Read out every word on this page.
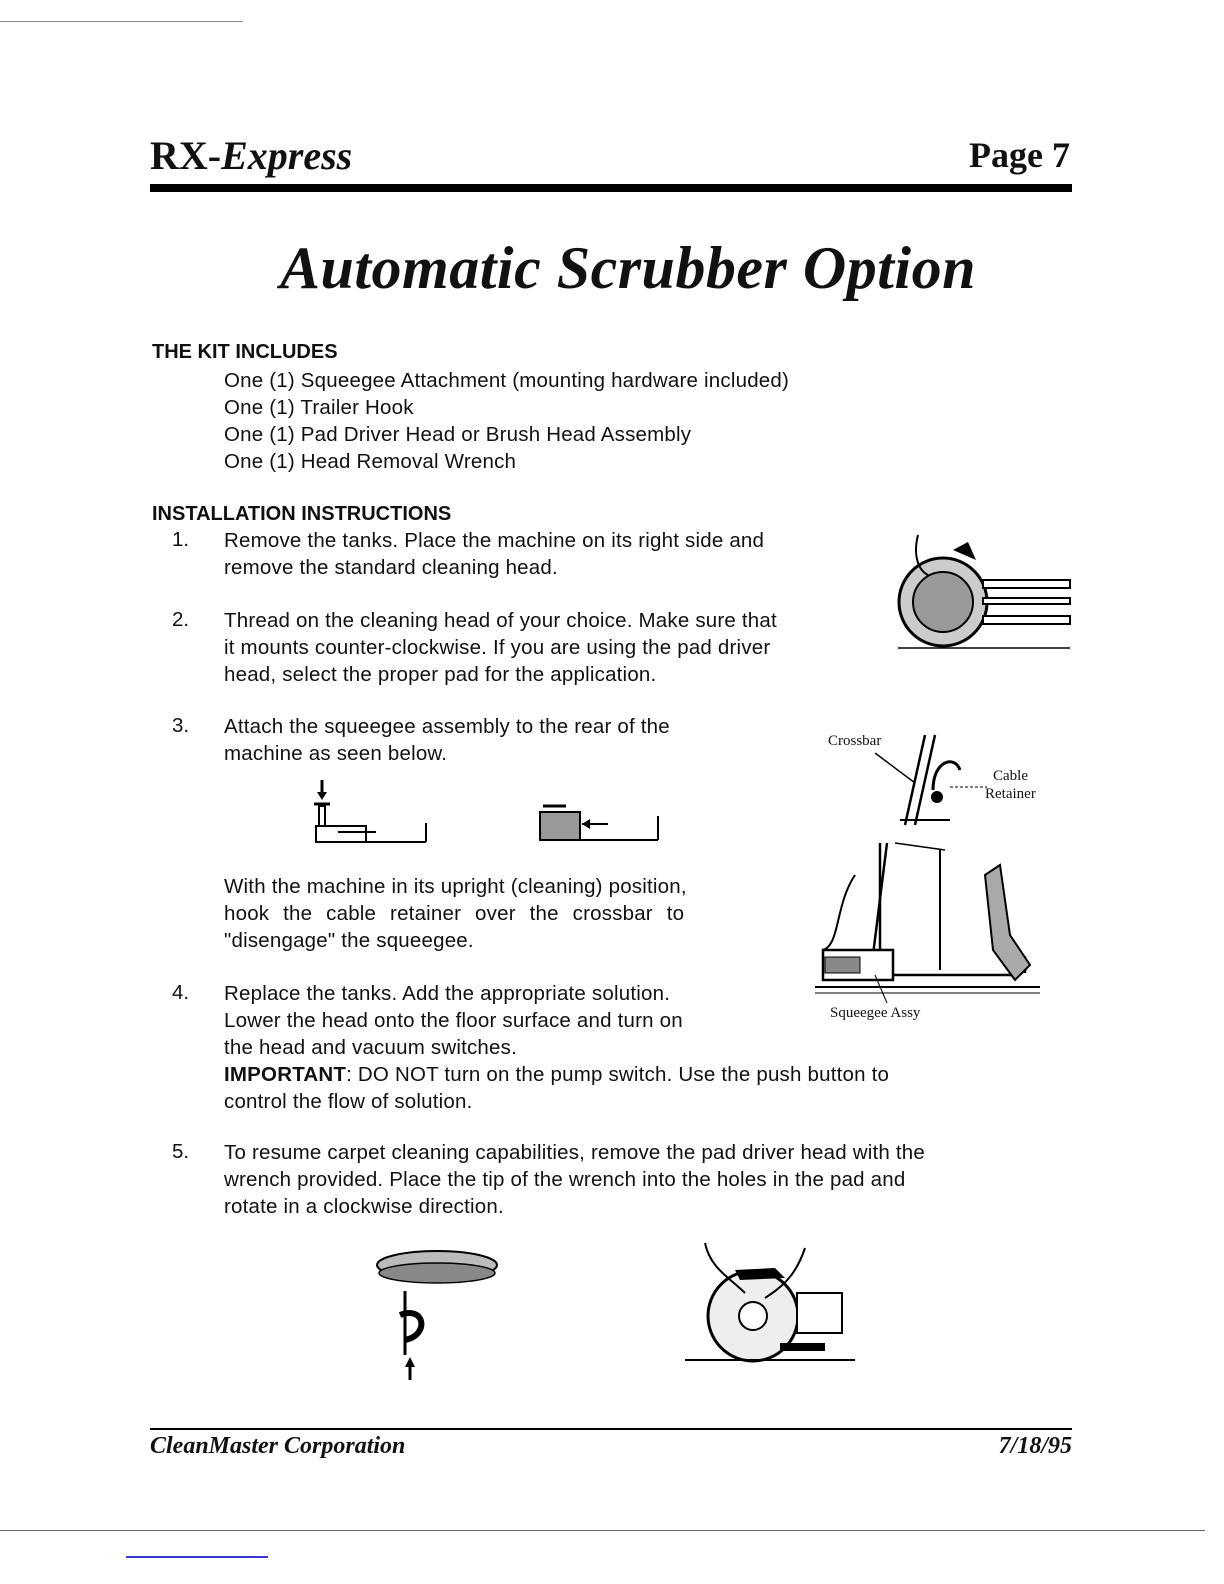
RX-Express	Page 7
Automatic Scrubber Option
THE KIT INCLUDES
One (1) Squeegee Attachment (mounting hardware included)
One (1) Trailer Hook
One (1) Pad Driver Head or Brush Head Assembly
One (1) Head Removal Wrench
INSTALLATION INSTRUCTIONS
1. Remove the tanks. Place the machine on its right side and
remove the standard cleaning head.
2. Thread on the cleaning head of your choice. Make sure that
it mounts counter-clockwise. If you are using the pad driver
head, select the proper pad for the application.
3. Attach the squeegee assembly to the rear of the
machine as seen below.
With the machine in its upright (cleaning) position,
hook the cable retainer over the crossbar to
"disengage" the squeegee.
4. Replace the tanks. Add the appropriate solution.
Lower the head onto the floor surface and turn on
the head and vacuum switches.
IMPORTANT: DO NOT turn on the pump switch. Use the push button to
control the flow of solution.
5. To resume carpet cleaning capabilities, remove the pad driver head with the
wrench provided. Place the tip of the wrench into the holes in the pad and
rotate in a clockwise direction.
Crossbar
Cable
Retainer
Squeegee Assy
CleanMaster Corporation	7/18/95
